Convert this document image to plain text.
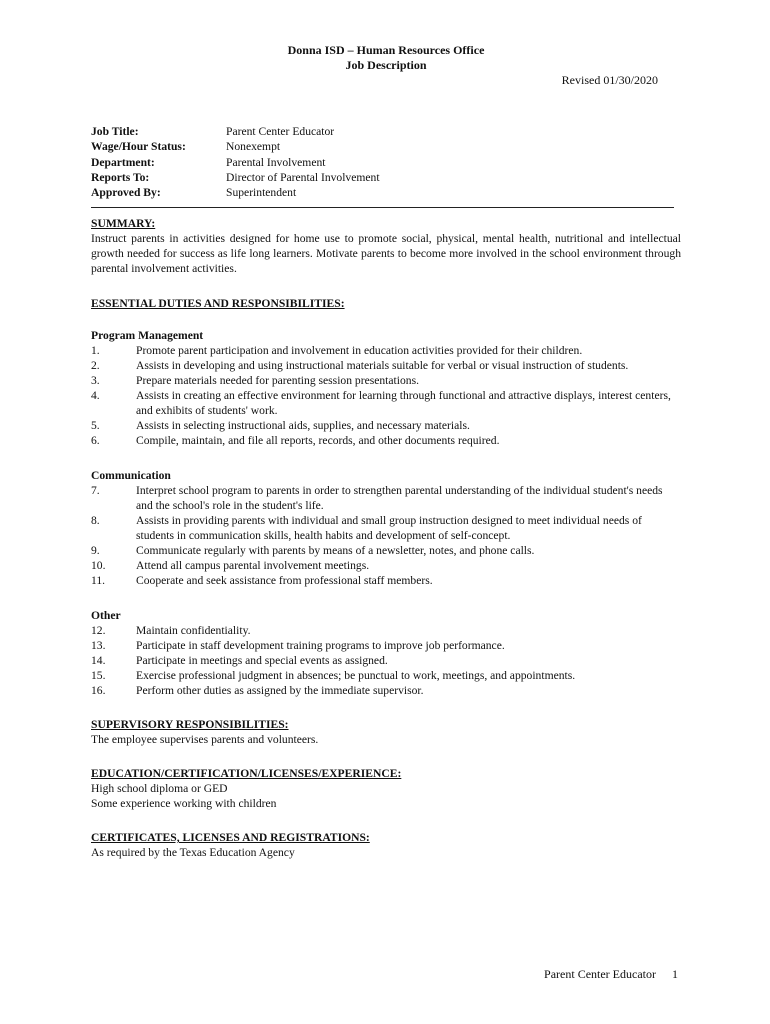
Donna ISD – Human Resources Office
Job Description
Revised 01/30/2020
Job Title:	Parent Center Educator
Wage/Hour Status:	Nonexempt
Department:	Parental Involvement
Reports To:	Director of Parental Involvement
Approved By:	Superintendent
SUMMARY:
Instruct parents in activities designed for home use to promote social, physical, mental health, nutritional and intellectual growth needed for success as life long learners. Motivate parents to become more involved in the school environment through parental involvement activities.
ESSENTIAL DUTIES AND RESPONSIBILITIES:
Program Management
1.	Promote parent participation and involvement in education activities provided for their children.
2.	Assists in developing and using instructional materials suitable for verbal or visual instruction of students.
3.	Prepare materials needed for parenting session presentations.
4.	Assists in creating an effective environment for learning through functional and attractive displays, interest centers, and exhibits of students' work.
5.	Assists in selecting instructional aids, supplies, and necessary materials.
6.	Compile, maintain, and file all reports, records, and other documents required.
Communication
7.	Interpret school program to parents in order to strengthen parental understanding of the individual student's needs and the school's role in the student's life.
8.	Assists in providing parents with individual and small group instruction designed to meet individual needs of students in communication skills, health habits and development of self-concept.
9.	Communicate regularly with parents by means of a newsletter, notes, and phone calls.
10.	Attend all campus parental involvement meetings.
11.	Cooperate and seek assistance from professional staff members.
Other
12.	Maintain confidentiality.
13.	Participate in staff development training programs to improve job performance.
14.	Participate in meetings and special events as assigned.
15.	Exercise professional judgment in absences; be punctual to work, meetings, and appointments.
16.	Perform other duties as assigned by the immediate supervisor.
SUPERVISORY RESPONSIBILITIES:
The employee supervises parents and volunteers.
EDUCATION/CERTIFICATION/LICENSES/EXPERIENCE:
High school diploma or GED
Some experience working with children
CERTIFICATES, LICENSES AND REGISTRATIONS:
As required by the Texas Education Agency
Parent Center Educator 1
